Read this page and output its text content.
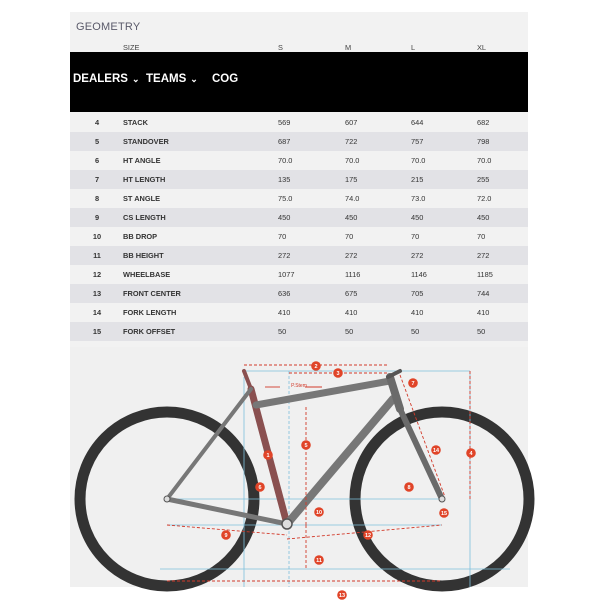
GEOMETRY
SIZE	S	M	L	XL
DEALERS ⌄ TEAMS ⌄ COG
4	STACK	569	607	644	682
5	STANDOVER	687	722	757	798
6	HT ANGLE	70.0	70.0	70.0	70.0
7	HT LENGTH	135	175	215	255
8	ST ANGLE	75.0	74.0	73.0	72.0
9	CS LENGTH	450	450	450	450
10	BB DROP	70	70	70	70
11	BB HEIGHT	272	272	272	272
12	WHEELBASE	1077	1116	1146	1185
13	FRONT CENTER	636	675	705	744
14	FORK LENGTH	410	410	410	410
15	FORK OFFSET	50	50	50	50
P.Stem
1
2
3
4
5
6
7
8
9
10
11
12
13
14
15
